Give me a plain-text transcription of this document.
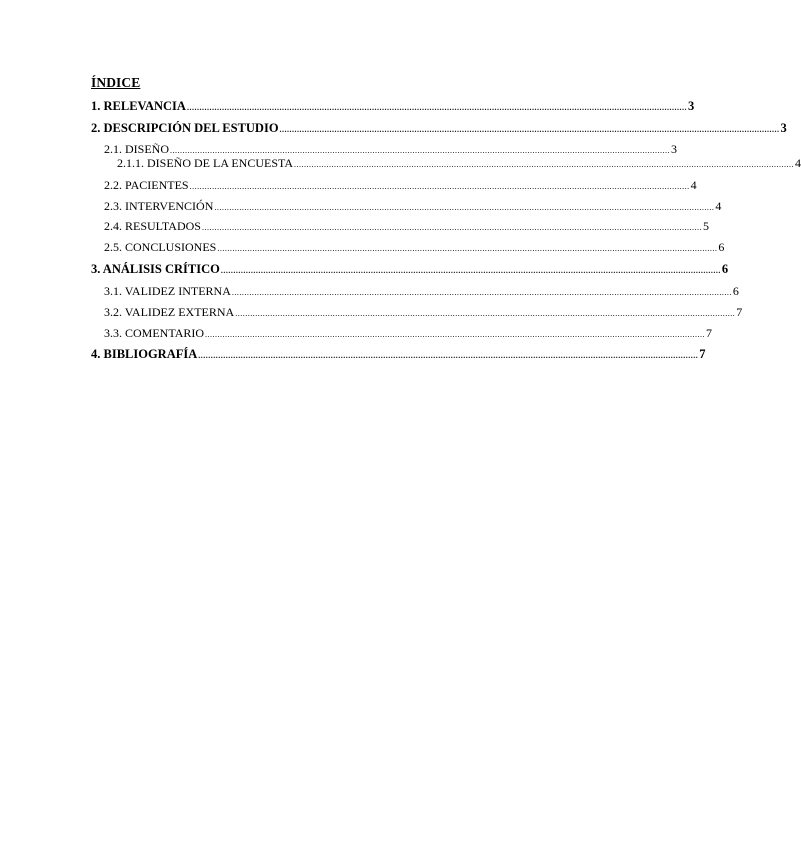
ÍNDICE
1. RELEVANCIA ........................................................................................................................................................................................................ 3
2. DESCRIPCIÓN DEL ESTUDIO ........................................................................................................................................................................................................ 3
2.1. DISEÑO ........................................................................................................................................................................................................ 3
2.1.1. DISEÑO DE LA ENCUESTA ........................................................................................................................................................................................................ 4
2.2. PACIENTES ........................................................................................................................................................................................................ 4
2.3. INTERVENCIÓN ........................................................................................................................................................................................................ 4
2.4. RESULTADOS ........................................................................................................................................................................................................ 5
2.5. CONCLUSIONES ........................................................................................................................................................................................................ 6
3. ANÁLISIS CRÍTICO ........................................................................................................................................................................................................ 6
3.1. VALIDEZ INTERNA ........................................................................................................................................................................................................ 6
3.2. VALIDEZ EXTERNA ........................................................................................................................................................................................................ 7
3.3. COMENTARIO ........................................................................................................................................................................................................ 7
4. BIBLIOGRAFÍA ........................................................................................................................................................................................................ 7
